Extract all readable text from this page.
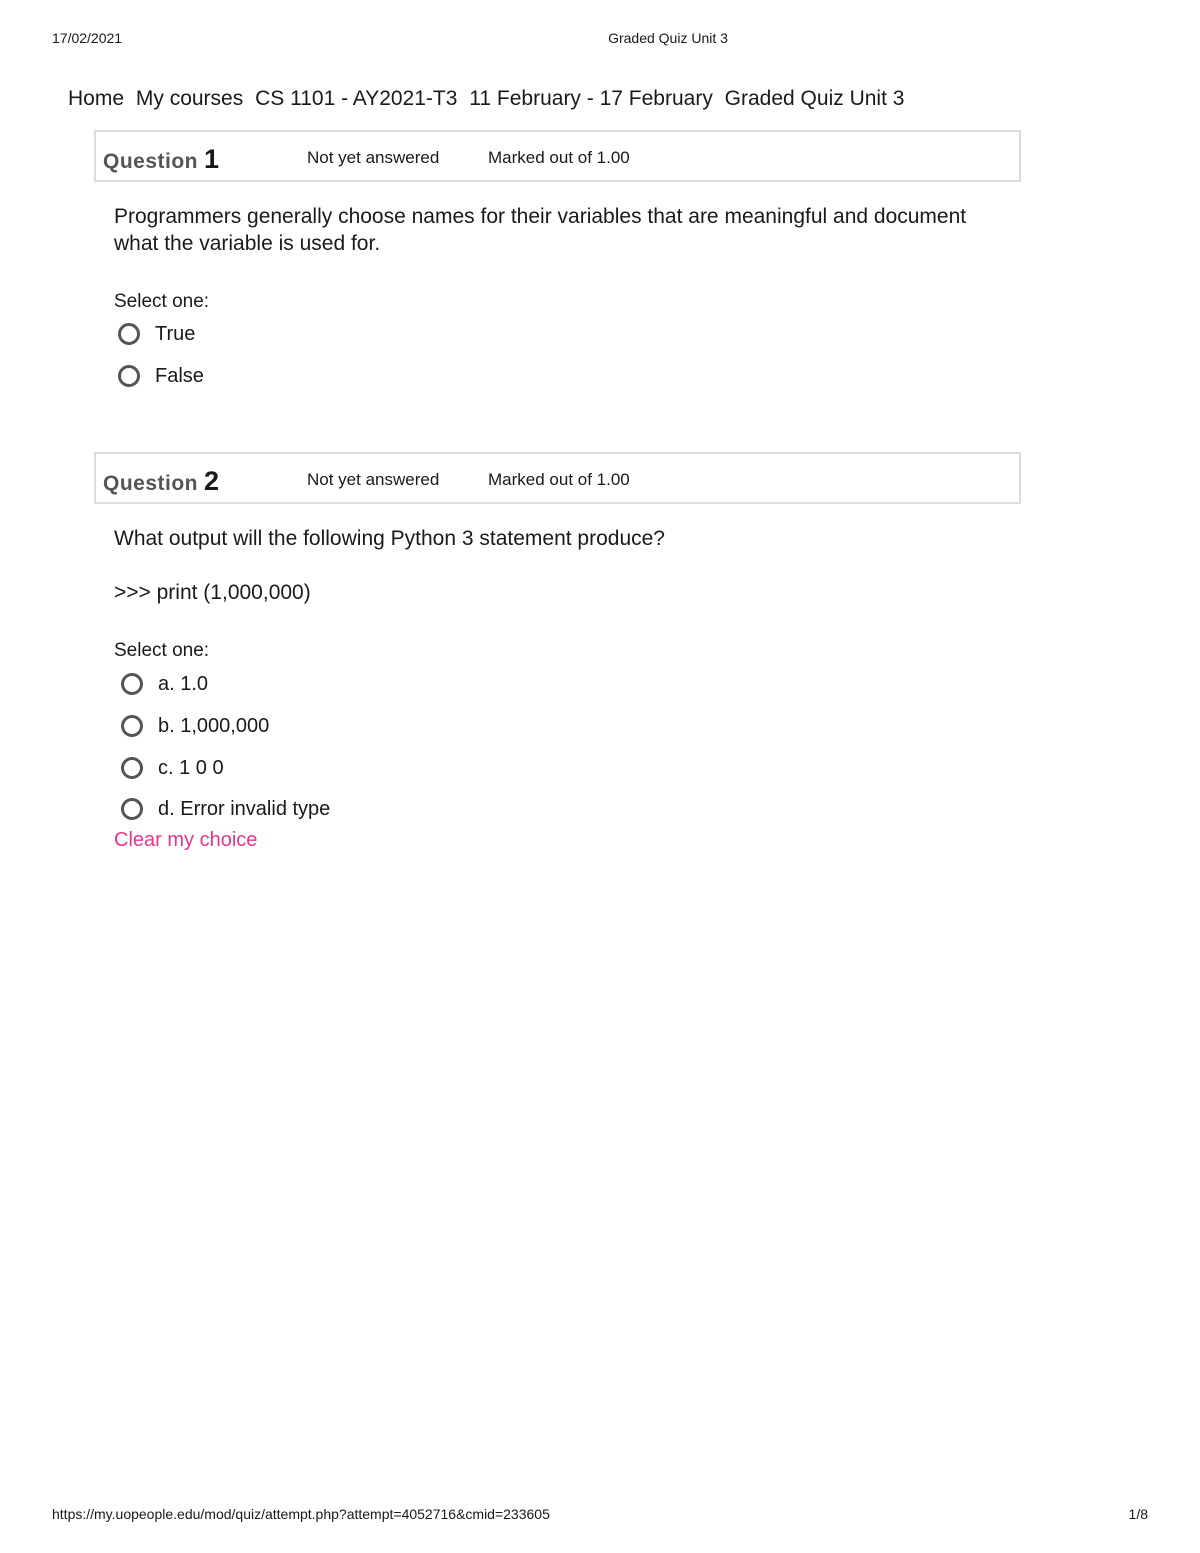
17/02/2021	Graded Quiz Unit 3
Home My courses CS 1101 - AY2021-T3 11 February - 17 February Graded Quiz Unit 3
Question 1	Not yet answered	Marked out of 1.00

Programmers generally choose names for their variables that are meaningful and document what the variable is used for.

Select one:
True
False
Question 2	Not yet answered	Marked out of 1.00

What output will the following Python 3 statement produce?

>>> print (1,000,000)

Select one:
a. 1.0
b. 1,000,000
c. 1 0 0
d. Error invalid type
Clear my choice
https://my.uopeople.edu/mod/quiz/attempt.php?attempt=4052716&cmid=233605	1/8
